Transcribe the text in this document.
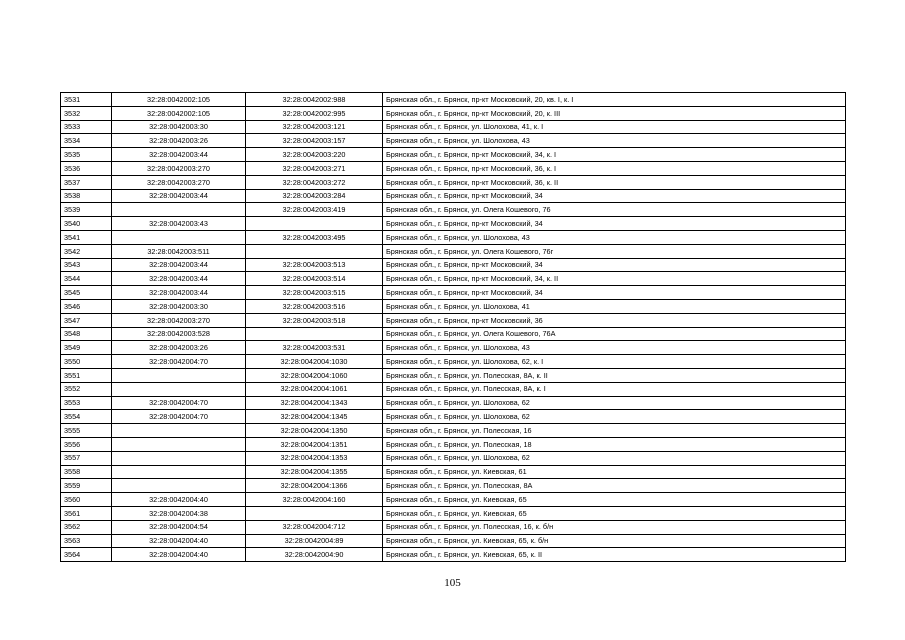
3531	32:28:0042002:105	32:28:0042002:988	Брянская обл., г. Брянск, пр-кт Московский, 20, кв. I, к. I
3532	32:28:0042002:105	32:28:0042002:995	Брянская обл., г. Брянск, пр-кт Московский, 20, к. III
3533	32:28:0042003:30	32:28:0042003:121	Брянская обл., г. Брянск, ул. Шолохова, 41, к. I
3534	32:28:0042003:26	32:28:0042003:157	Брянская обл., г. Брянск, ул. Шолохова, 43
3535	32:28:0042003:44	32:28:0042003:220	Брянская обл., г. Брянск, пр-кт Московский, 34, к. I
3536	32:28:0042003:270	32:28:0042003:271	Брянская обл., г. Брянск, пр-кт Московский, 36, к. I
3537	32:28:0042003:270	32:28:0042003:272	Брянская обл., г. Брянск, пр-кт Московский, 36, к. II
3538	32:28:0042003:44	32:28:0042003:284	Брянская обл., г. Брянск, пр-кт Московский, 34
3539		32:28:0042003:419	Брянская обл., г. Брянск, ул. Олега Кошевого, 76
3540	32:28:0042003:43		Брянская обл., г. Брянск, пр-кт Московский, 34
3541		32:28:0042003:495	Брянская обл., г. Брянск, ул. Шолохова, 43
3542	32:28:0042003:511		Брянская обл., г. Брянск, ул. Олега Кошевого, 76г
3543	32:28:0042003:44	32:28:0042003:513	Брянская обл., г. Брянск, пр-кт Московский, 34
3544	32:28:0042003:44	32:28:0042003:514	Брянская обл., г. Брянск, пр-кт Московский, 34, к. II
3545	32:28:0042003:44	32:28:0042003:515	Брянская обл., г. Брянск, пр-кт Московский, 34
3546	32:28:0042003:30	32:28:0042003:516	Брянская обл., г. Брянск, ул. Шолохова, 41
3547	32:28:0042003:270	32:28:0042003:518	Брянская обл., г. Брянск, пр-кт Московский, 36
3548	32:28:0042003:528		Брянская обл., г. Брянск, ул. Олега Кошевого, 76А
3549	32:28:0042003:26	32:28:0042003:531	Брянская обл., г. Брянск, ул. Шолохова, 43
3550	32:28:0042004:70	32:28:0042004:1030	Брянская обл., г. Брянск, ул. Шолохова, 62, к. I
3551		32:28:0042004:1060	Брянская обл., г. Брянск, ул. Полесская, 8А, к. II
3552		32:28:0042004:1061	Брянская обл., г. Брянск, ул. Полесская, 8А, к. I
3553	32:28:0042004:70	32:28:0042004:1343	Брянская обл., г. Брянск, ул. Шолохова, 62
3554	32:28:0042004:70	32:28:0042004:1345	Брянская обл., г. Брянск, ул. Шолохова, 62
3555		32:28:0042004:1350	Брянская обл., г. Брянск, ул. Полесская, 16
3556		32:28:0042004:1351	Брянская обл., г. Брянск, ул. Полесская, 18
3557		32:28:0042004:1353	Брянская обл., г. Брянск, ул. Шолохова, 62
3558		32:28:0042004:1355	Брянская обл., г. Брянск, ул. Киевская, 61
3559		32:28:0042004:1366	Брянская обл., г. Брянск, ул. Полесская, 8А
3560	32:28:0042004:40	32:28:0042004:160	Брянская обл., г. Брянск, ул. Киевская, 65
3561	32:28:0042004:38		Брянская обл., г. Брянск, ул. Киевская, 65
3562	32:28:0042004:54	32:28:0042004:712	Брянская обл., г. Брянск, ул. Полесская, 16, к. б/н
3563	32:28:0042004:40	32:28:0042004:89	Брянская обл., г. Брянск, ул. Киевская, 65, к. б/н
3564	32:28:0042004:40	32:28:0042004:90	Брянская обл., г. Брянск, ул. Киевская, 65, к. II
105
